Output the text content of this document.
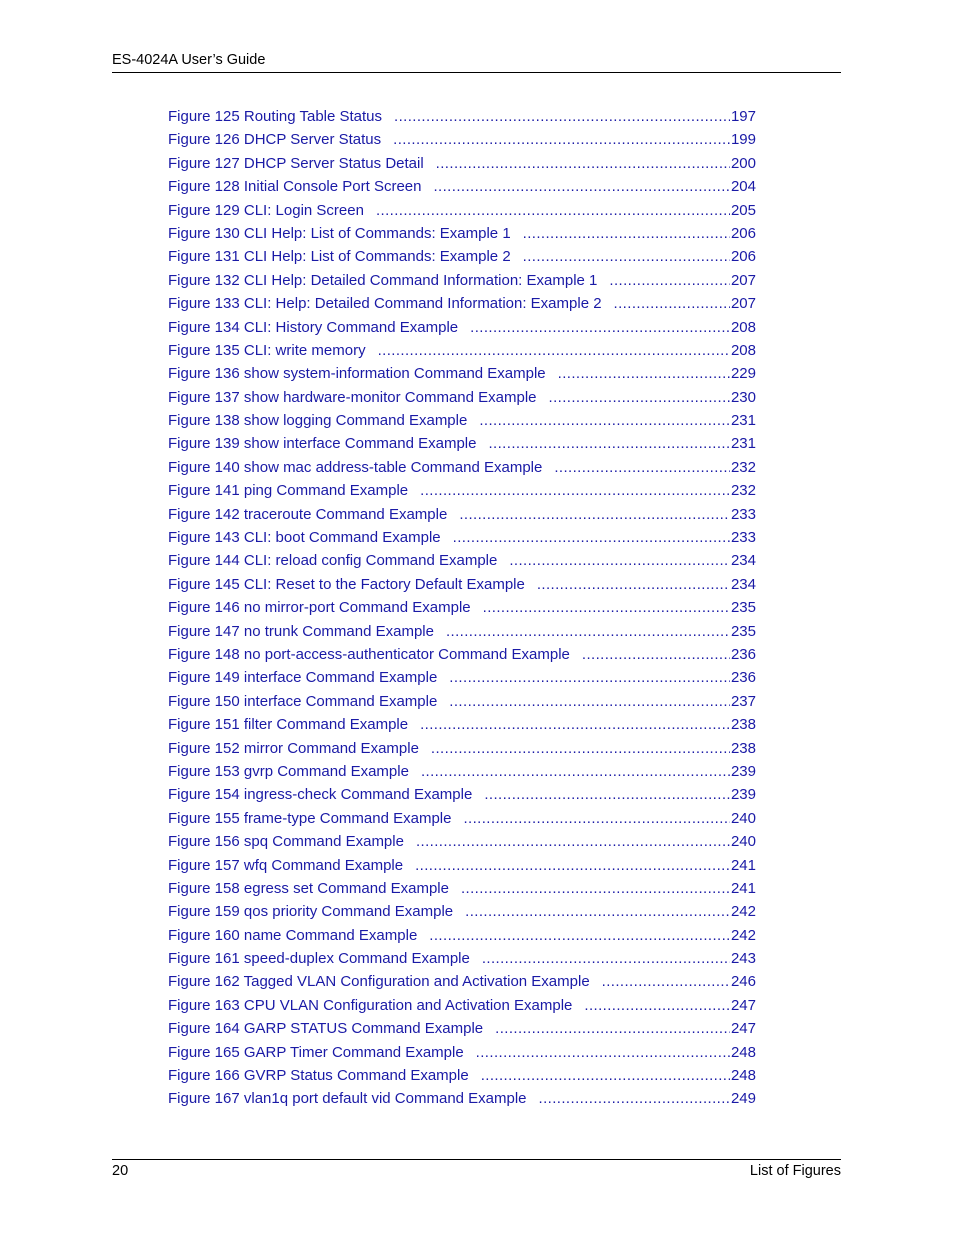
ES-4024A User’s Guide
Figure 125 Routing Table Status .....	197
Figure 126 DHCP Server Status .....	199
Figure 127 DHCP Server Status Detail .....	200
Figure 128 Initial Console Port Screen .....	204
Figure 129 CLI: Login Screen .....	205
Figure 130 CLI Help: List of Commands: Example 1 .....	206
Figure 131 CLI Help: List of Commands: Example 2 .....	206
Figure 132 CLI Help: Detailed Command Information: Example 1 .....	207
Figure 133 CLI: Help: Detailed Command Information: Example 2 .....	207
Figure 134 CLI: History Command Example .....	208
Figure 135 CLI: write memory .....	208
Figure 136 show system-information Command Example .....	229
Figure 137 show hardware-monitor Command Example .....	230
Figure 138 show logging Command Example .....	231
Figure 139 show interface Command Example .....	231
Figure 140 show mac address-table Command Example .....	232
Figure 141 ping Command Example .....	232
Figure 142 traceroute Command Example .....	233
Figure 143 CLI: boot Command Example .....	233
Figure 144 CLI: reload config Command Example .....	234
Figure 145 CLI: Reset to the Factory Default Example .....	234
Figure 146 no mirror-port Command Example .....	235
Figure 147 no trunk Command Example .....	235
Figure 148 no port-access-authenticator Command Example .....	236
Figure 149 interface Command Example .....	236
Figure 150 interface Command Example .....	237
Figure 151 filter Command Example .....	238
Figure 152 mirror Command Example .....	238
Figure 153 gvrp Command Example .....	239
Figure 154 ingress-check Command Example .....	239
Figure 155 frame-type Command Example .....	240
Figure 156 spq Command Example .....	240
Figure 157 wfq Command Example .....	241
Figure 158 egress set Command Example .....	241
Figure 159 qos priority Command Example .....	242
Figure 160 name Command Example .....	242
Figure 161 speed-duplex Command Example .....	243
Figure 162 Tagged VLAN Configuration and Activation Example .....	246
Figure 163 CPU VLAN Configuration and Activation Example .....	247
Figure 164 GARP STATUS Command Example .....	247
Figure 165 GARP Timer Command Example .....	248
Figure 166 GVRP Status Command Example .....	248
Figure 167 vlan1q port default vid Command Example .....	249
20	List of Figures
